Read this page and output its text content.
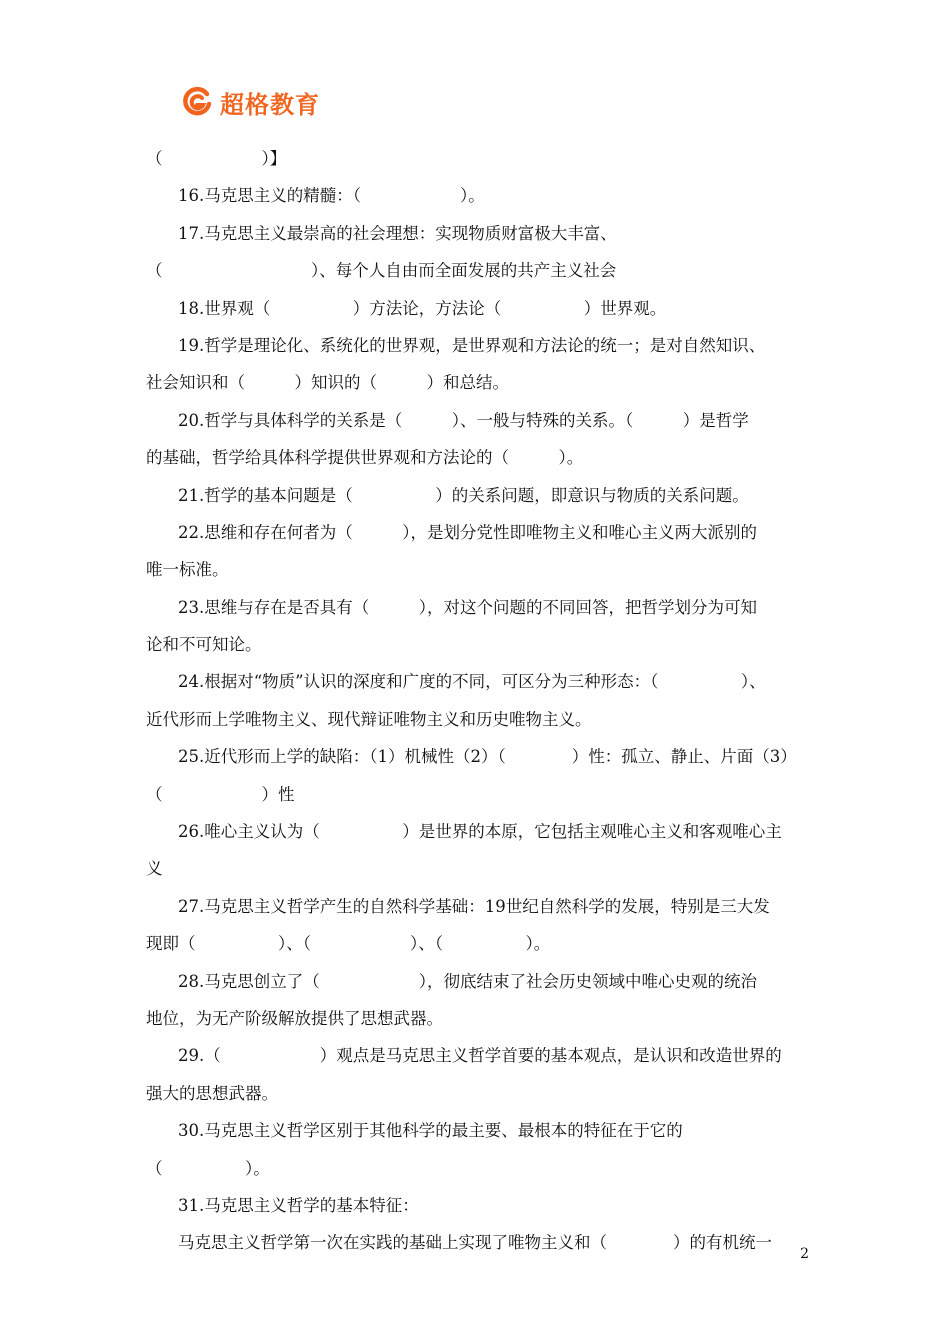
超格教育
（　　　　　　）】
16.马克思主义的精髓：（　　　　　　）。
17.马克思主义最崇高的社会理想：实现物质财富极大丰富、
（　　　　　　　　　）、每个人自由而全面发展的共产主义社会
18.世界观（　　　　　）方法论，方法论（　　　　　）世界观。
19.哲学是理论化、系统化的世界观，是世界观和方法论的统一；是对自然知识、
社会知识和（　　　）知识的（　　　）和总结。
20.哲学与具体科学的关系是（　　　）、一般与特殊的关系。（　　　）是哲学
的基础，哲学给具体科学提供世界观和方法论的（　　　）。
21.哲学的基本问题是（　　　　　）的关系问题，即意识与物质的关系问题。
22.思维和存在何者为（　　　），是划分党性即唯物主义和唯心主义两大派别的
唯一标准。
23.思维与存在是否具有（　　　），对这个问题的不同回答，把哲学划分为可知
论和不可知论。
24.根据对“物质”认识的深度和广度的不同，可区分为三种形态：（　　　　　）、
近代形而上学唯物主义、现代辩证唯物主义和历史唯物主义。
25.近代形而上学的缺陷：（1）机械性（2）（　　　　）性：孤立、静止、片面（3）
（　　　　　　）性
26.唯心主义认为（　　　　　）是世界的本原，它包括主观唯心主义和客观唯心主
义
27.马克思主义哲学产生的自然科学基础：19世纪自然科学的发展，特别是三大发
现即（　　　　　）、（　　　　　　）、（　　　　　）。
28.马克思创立了（　　　　　　），彻底结束了社会历史领域中唯心史观的统治
地位，为无产阶级解放提供了思想武器。
29.（　　　　　　）观点是马克思主义哲学首要的基本观点，是认识和改造世界的
强大的思想武器。
30.马克思主义哲学区别于其他科学的最主要、最根本的特征在于它的
（　　　　　）。
31.马克思主义哲学的基本特征：
马克思主义哲学第一次在实践的基础上实现了唯物主义和（　　　　）的有机统一
2
